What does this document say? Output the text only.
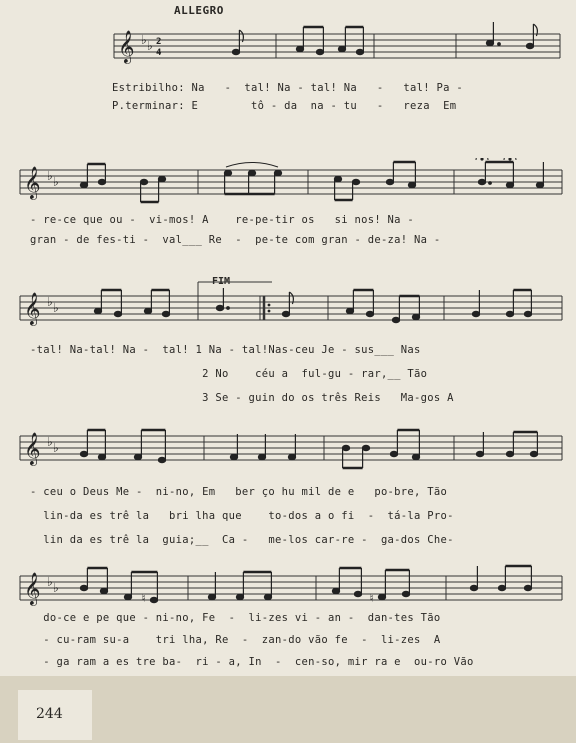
ALLEGRO
𝄞 ♭
♭ 2
4
Estribilho: Na   -  tal! Na - tal! Na   -   tal! Pa -
P.terminar: E        tô - da  na - tu   -   reza  Em
𝄞 ♭
♭
- re-ce que ou -  vi-mos! A    re-pe-tir os   si nos! Na -
gran - de fes-ti -  val___ Re  -  pe-te com gran - de-za! Na -
FIM
𝄞 ♭
♭
-tal! Na-tal! Na -  tal! 1 Na - tal!Nas-ceu Je - sus___ Nas
2 No    céu a  ful-gu - rar,__ Tão
3 Se - guin do os três Reis   Ma-gos A
𝄞 ♭
♭
- ceu o Deus Me -  ni-no, Em   ber ço hu mil de e   po-bre, Tão
lin-da es trê la   bri lha que    to-dos a o fi  -  tá-la Pro-
lin da es trê la  guia;__  Ca -   me-los car-re -  ga-dos Che-
𝄞 ♭
♭
♮	♮
do-ce e pe que - ni-no, Fe  -  li-zes vi - an -  dan-tes Tão
- cu-ram su-a    tri lha, Re  -  zan-do vão fe  -  li-zes  A
- ga ram a es tre ba-  ri - a, In  -  cen-so, mir ra e  ou-ro Vão
244
